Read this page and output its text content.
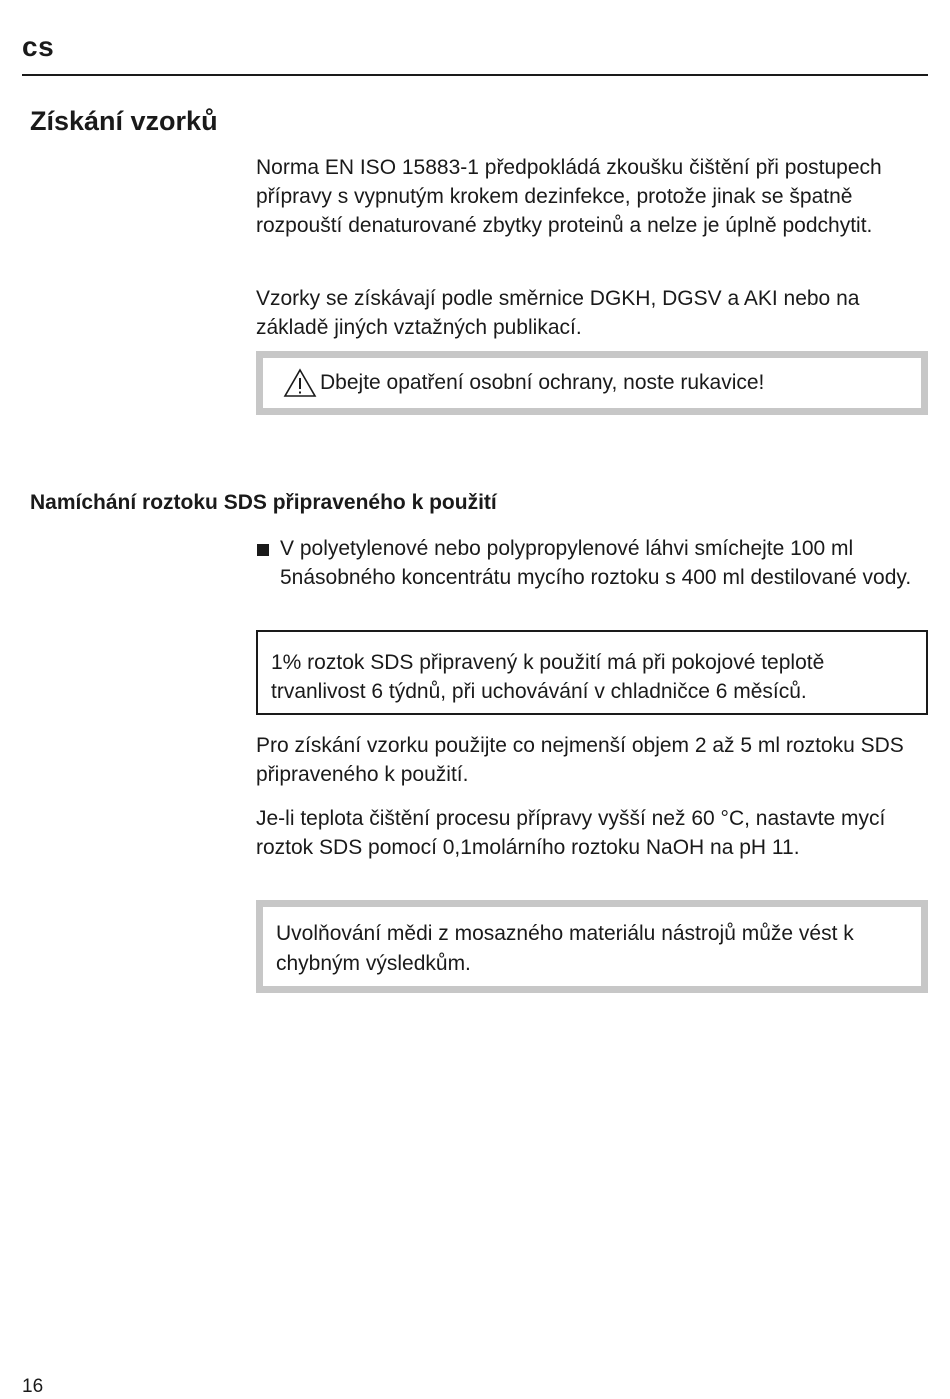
cs
Získání vzorků

Norma EN ISO 15883-1 předpokládá zkoušku čištění při postupech přípravy s vypnutým krokem dezinfekce, protože jinak se špatně rozpouští denaturované zbytky proteinů a nelze je úplně podchytit.

Vzorky se získávají podle směrnice DGKH, DGSV a AKI nebo na základě jiných vztažných publikací.

Dbejte opatření osobní ochrany, noste rukavice!
Namíchání roztoku SDS připraveného k použití

V polyetylenové nebo polypropylenové láhvi smíchejte 100 ml 5násobného koncentrátu mycího roztoku s 400 ml destilované vody.

1% roztok SDS připravený k použití má při pokojové teplotě trvanlivost 6 týdnů, při uchovávání v chladničce 6 měsíců.

Pro získání vzorku použijte co nejmenší objem 2 až 5 ml roztoku SDS připraveného k použití.

Je-li teplota čištění procesu přípravy vyšší než 60 °C, nastavte mycí roztok SDS pomocí 0,1molárního roztoku NaOH na pH 11.

Uvolňování mědi z mosazného materiálu nástrojů může vést k chybným výsledkům.
16
